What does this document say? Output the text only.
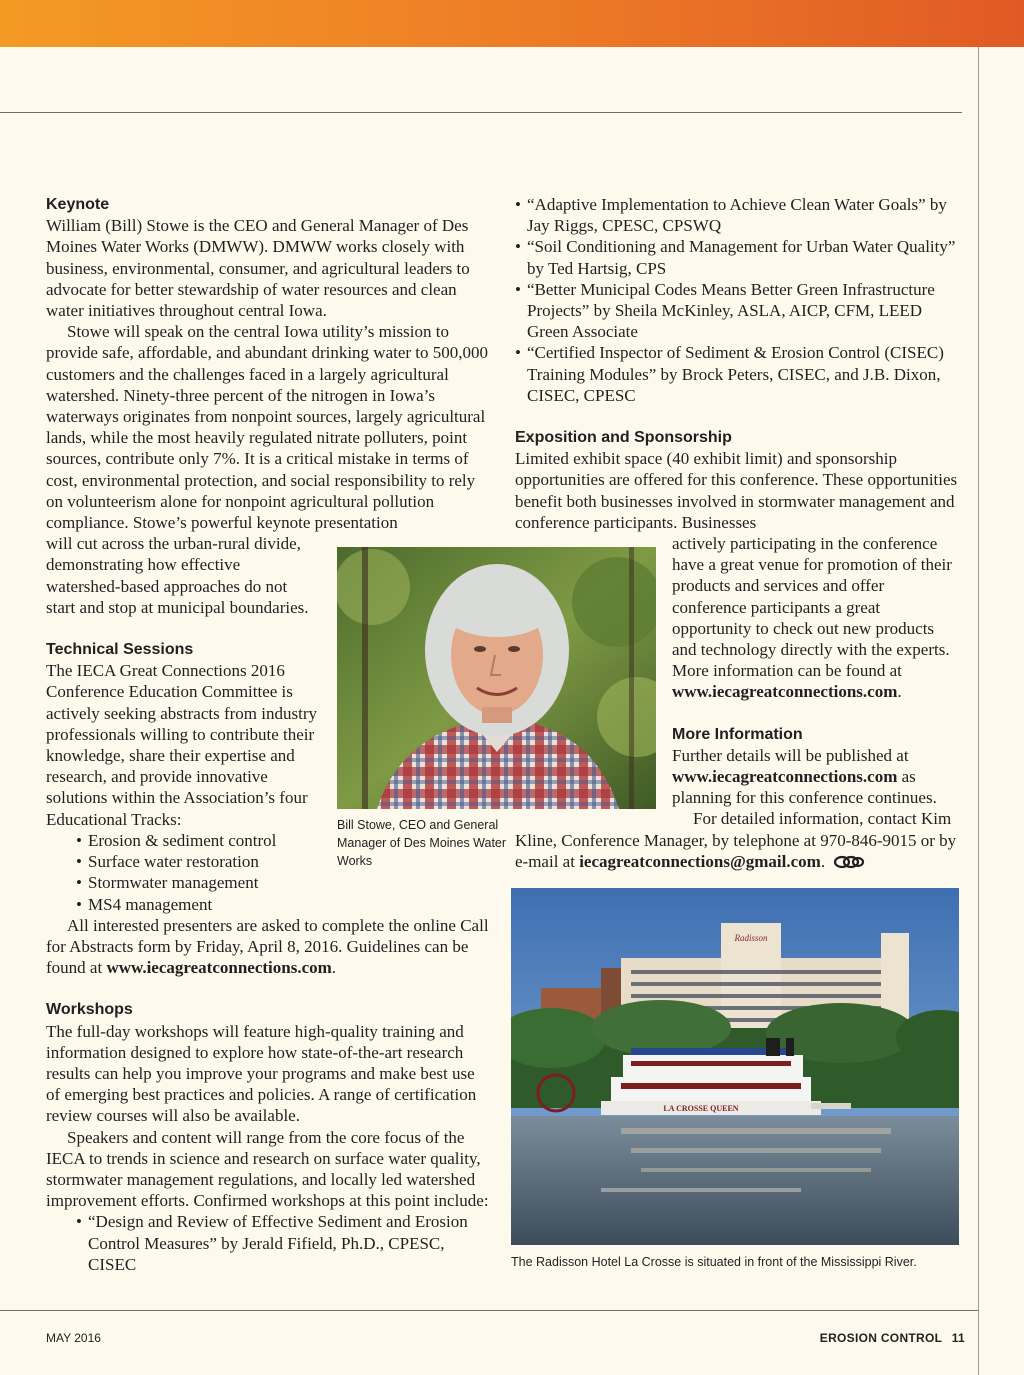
Keynote

William (Bill) Stowe is the CEO and General Manager of Des Moines Water Works (DMWW). DMWW works closely with business, environmental, consumer, and agricultural leaders to advocate for better stewardship of water resources and clean water initiatives throughout central Iowa.

Stowe will speak on the central Iowa utility’s mission to provide safe, affordable, and abundant drinking water to 500,000 customers and the challenges faced in a largely agricultural watershed. Ninety-three percent of the nitrogen in Iowa’s waterways originates from nonpoint sources, largely agricultural lands, while the most heavily regulated nitrate polluters, point sources, contribute only 7%. It is a critical mistake in terms of cost, environmental protection, and social responsibility to rely on volunteerism alone for nonpoint agricultural pollution compliance. Stowe’s powerful keynote presentation

will cut across the urban-rural divide, demonstrating how effective watershed-based approaches do not start and stop at municipal boundaries.

Technical Sessions

The IECA Great Connections 2016 Conference Education Committee is actively seeking abstracts from industry professionals willing to contribute their knowledge, share their expertise and research, and provide innovative solutions within the Association’s four Educational Tracks:

• Erosion & sediment control
• Surface water restoration
• Stormwater management
• MS4 management

All interested presenters are asked to complete the online Call for Abstracts form by Friday, April 8, 2016. Guidelines can be found at www.iecagreatconnections.com.

Workshops

The full-day workshops will feature high-quality training and information designed to explore how state-of-the-art research results can help you improve your programs and make best use of emerging best practices and policies. A range of certification review courses will also be available.

Speakers and content will range from the core focus of the IECA to trends in science and research on surface water quality, stormwater management regulations, and locally led watershed improvement efforts. Confirmed workshops at this point include:

• “Design and Review of Effective Sediment and Erosion Control Measures” by Jerald Fifield, Ph.D., CPESC, CISEC
• “Adaptive Implementation to Achieve Clean Water Goals” by Jay Riggs, CPESC, CPSWQ
• “Soil Conditioning and Management for Urban Water Quality” by Ted Hartsig, CPS
• “Better Municipal Codes Means Better Green Infrastructure Projects” by Sheila McKinley, ASLA, AICP, CFM, LEED Green Associate
• “Certified Inspector of Sediment & Erosion Control (CISEC) Training Modules” by Brock Peters, CISEC, and J.B. Dixon, CISEC, CPESC
Exposition and Sponsorship

Limited exhibit space (40 exhibit limit) and sponsorship opportunities are offered for this conference. These opportunities benefit both businesses involved in stormwater management and conference participants. Businesses

actively participating in the conference have a great venue for promotion of their products and services and offer conference participants a great opportunity to check out new products and technology directly with the experts. More information can be found at www.iecagreatconnections.com.

More Information

Further details will be published at www.iecagreatconnections.com as planning for this conference continues.

For detailed information, contact Kim

Kline, Conference Manager, by telephone at 970-846-9015 or by e-mail at iecagreatconnections@gmail.com.

Bill Stowe, CEO and General Manager of Des Moines Water Works
Radisson
LA CROSSE QUEEN
The Radisson Hotel La Crosse is situated in front of the Mississippi River.
MAY 2016	EROSION CONTROL 11
